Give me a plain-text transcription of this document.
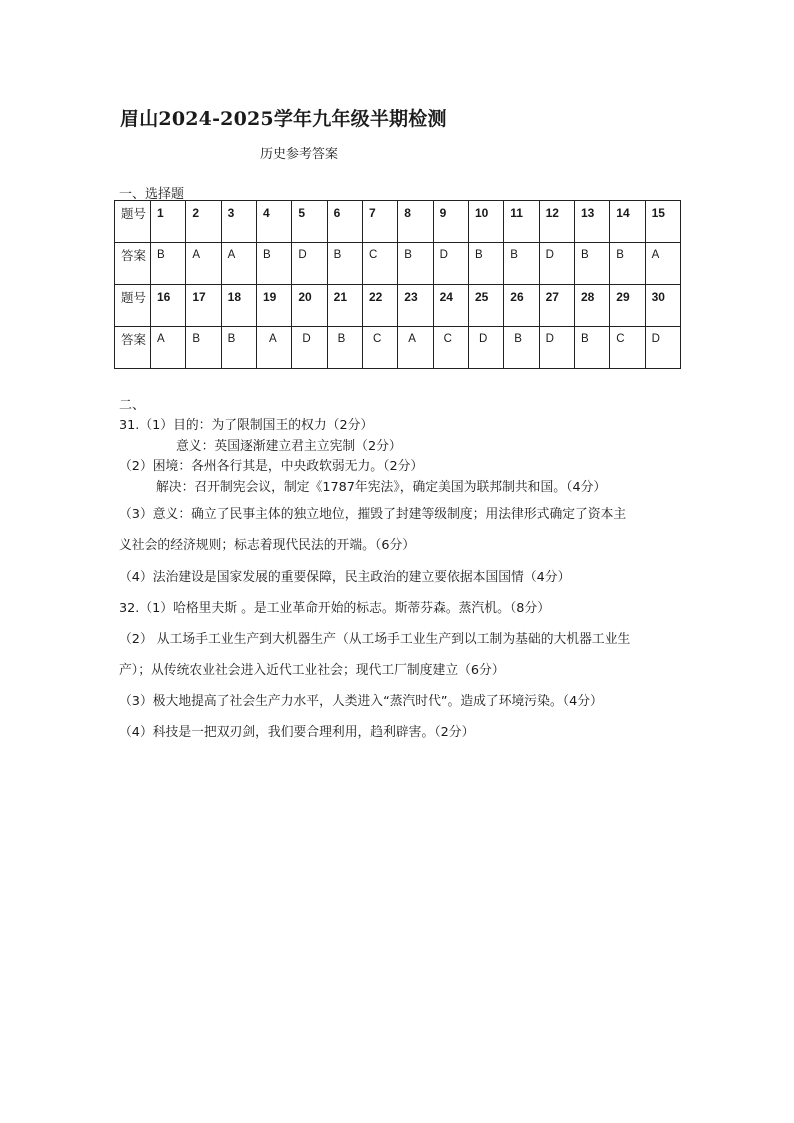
眉山2024-2025学年九年级半期检测
历史参考答案
一、选择题
题号	1	2	3	4	5	6	7	8	9	10	11	12	13	14	15
答案	B	A	A	B	D	B	C	B	D	B	B	D	B	B	A
题号	16	17	18	19	20	21	22	23	24	25	26	27	28	29	30
答案	A	B	B	A	D	B	C	A	C	D	B	D	B	C	D
二、
31.（1）目的：为了限制国王的权力（2分）
意义：英国逐渐建立君主立宪制（2分）
（2）困境：各州各行其是，中央政软弱无力。（2分）
解决：召开制宪会议，制定《1787年宪法》，确定美国为联邦制共和国。（4分）
（3）意义：确立了民事主体的独立地位，摧毁了封建等级制度；用法律形式确定了资本主
义社会的经济规则；标志着现代民法的开端。（6分）
（4）法治建设是国家发展的重要保障，民主政治的建立要依据本国国情（4分）
32.（1）哈格里夫斯 。是工业革命开始的标志。斯蒂芬森。蒸汽机。（8分）
（2） 从工场手工业生产到大机器生产（从工场手工业生产到以工制为基础的大机器工业生
产）；从传统农业社会进入近代工业社会；现代工厂制度建立（6分）
（3）极大地提高了社会生产力水平，人类进入“蒸汽时代”。造成了环境污染。（4分）
（4）科技是一把双刃剑，我们要合理利用，趋利辟害。（2分）
